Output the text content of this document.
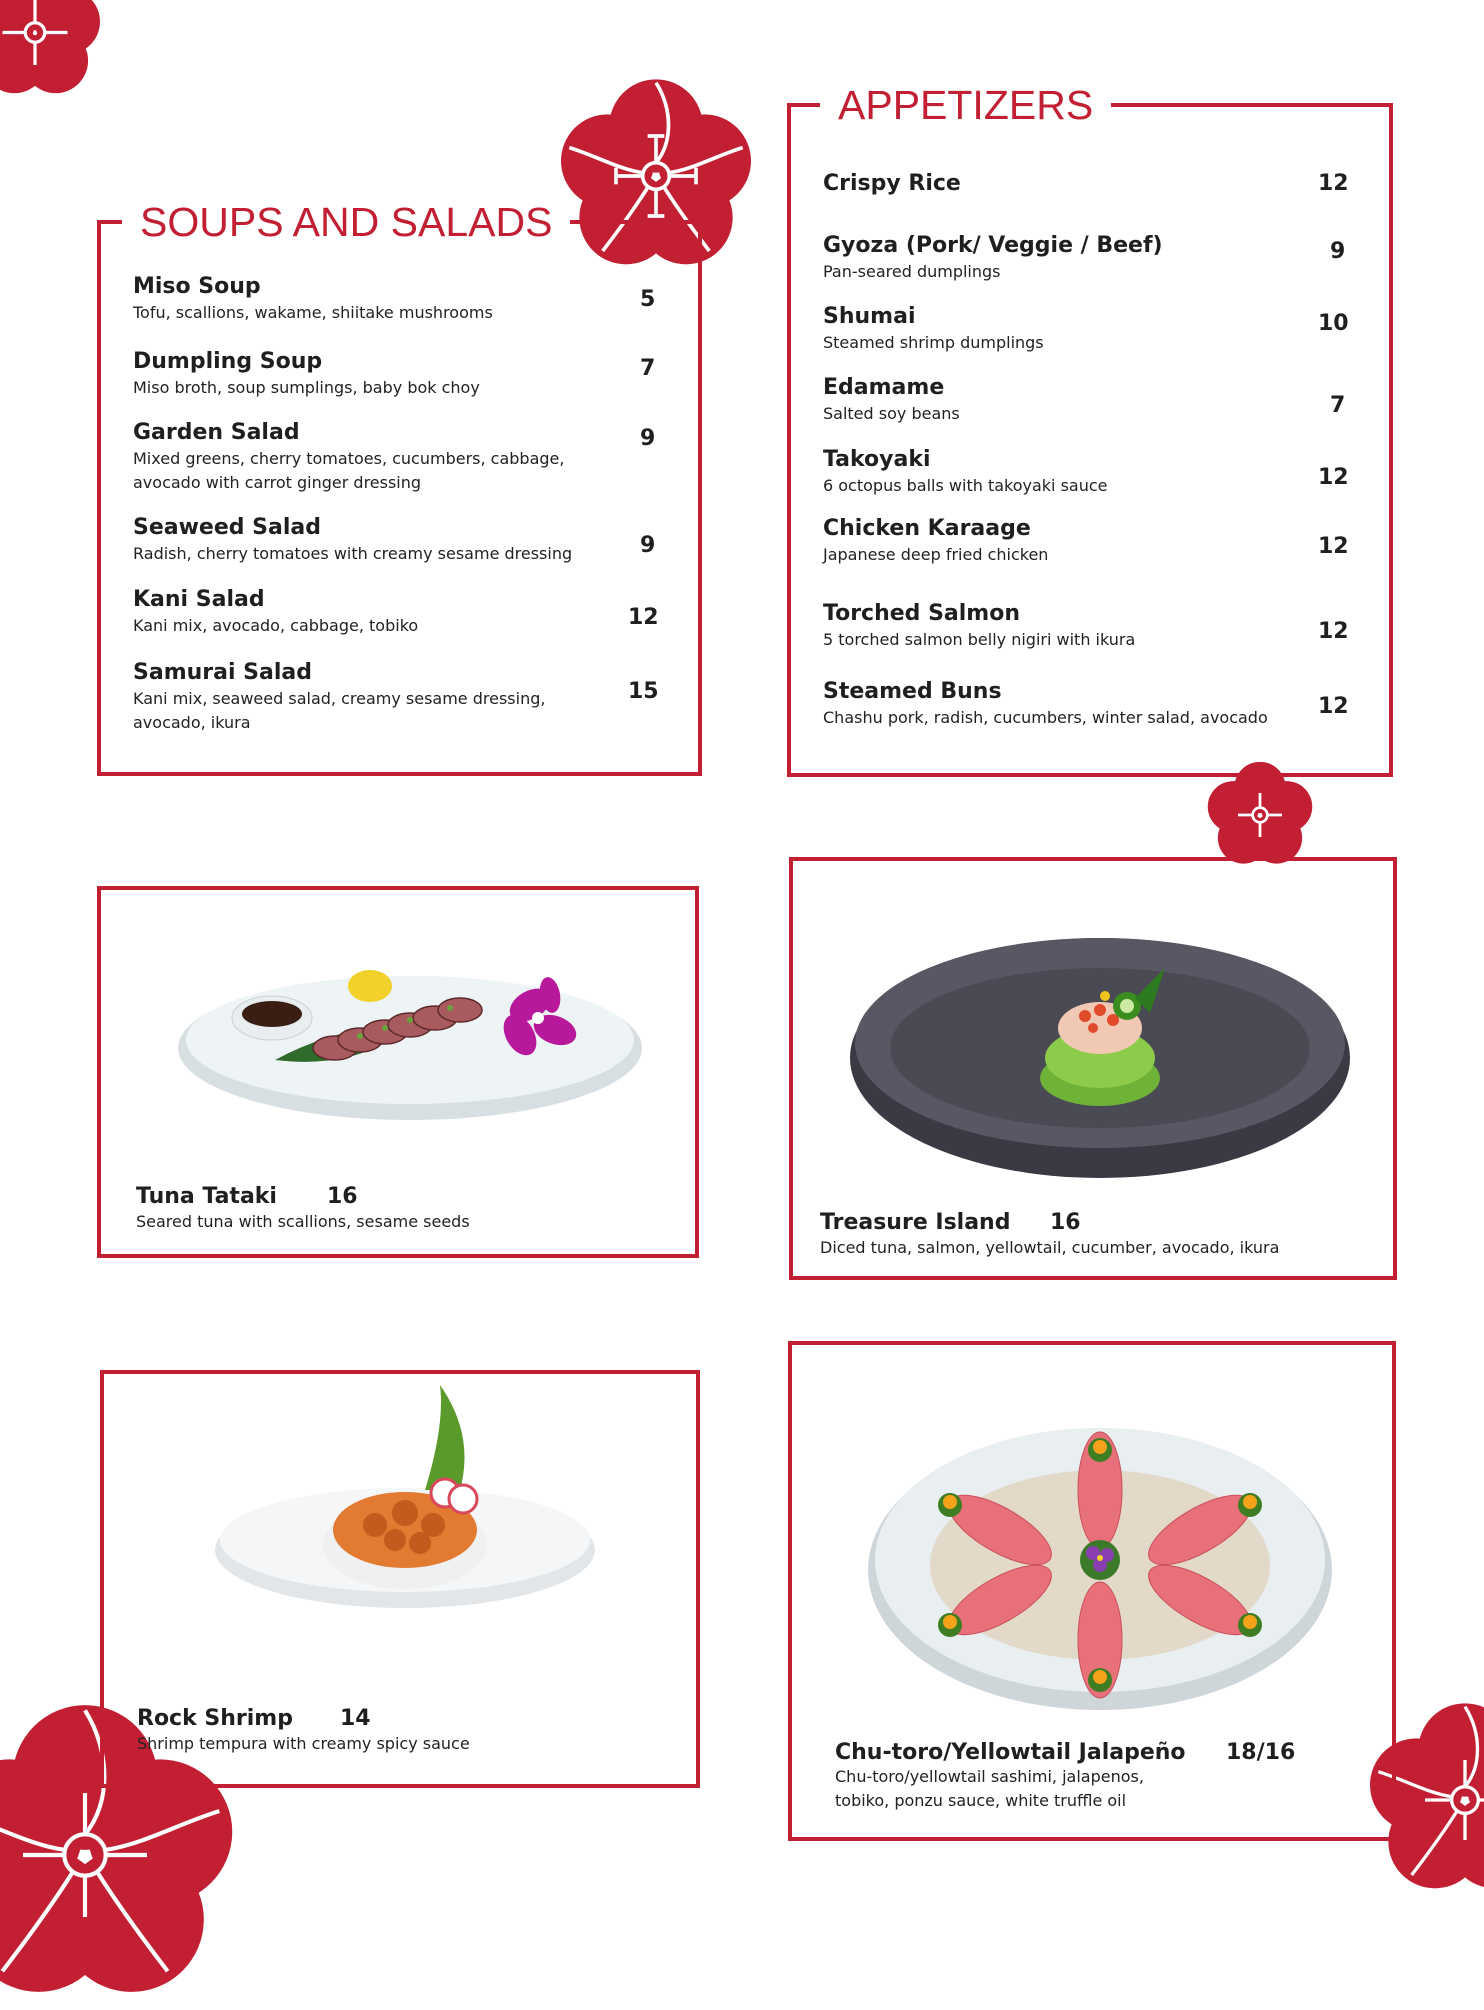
SOUPS AND SALADS
Miso Soup
Tofu, scallions, wakame, shiitake mushrooms
5
Dumpling Soup
Miso broth, soup sumplings, baby bok choy
7
Garden Salad
Mixed greens, cherry tomatoes, cucumbers, cabbage, avocado with carrot ginger dressing
9
Seaweed Salad
Radish, cherry tomatoes with creamy sesame dressing	9
Kani Salad
Kani mix, avocado, cabbage, tobiko	12
Samurai Salad
Kani mix, seaweed salad, creamy sesame dressing, avocado, ikura
15
APPETIZERS
Crispy Rice	12
Gyoza (Pork/ Veggie / Beef)
Pan-seared dumplings
9
Shumai
Steamed shrimp dumplings
10
Edamame
Salted soy beans	7
Takoyaki
6 octopus balls with takoyaki sauce	12
Chicken Karaage
Japanese deep fried chicken	12
Torched Salmon
5 torched salmon belly nigiri with ikura	12
Steamed Buns
Chashu pork, radish, cucumbers, winter salad, avocado	12
Tuna Tataki 16
Seared tuna with scallions, sesame seeds	Treasure Island 16
Diced tuna, salmon, yellowtail, cucumber, avocado, ikura
Rock Shrimp 14
Shrimp tempura with creamy spicy sauce	Chu-toro/Yellowtail Jalapeño 18/16
Chu-toro/yellowtail sashimi, jalapenos, tobiko, ponzu sauce, white truffle oil
